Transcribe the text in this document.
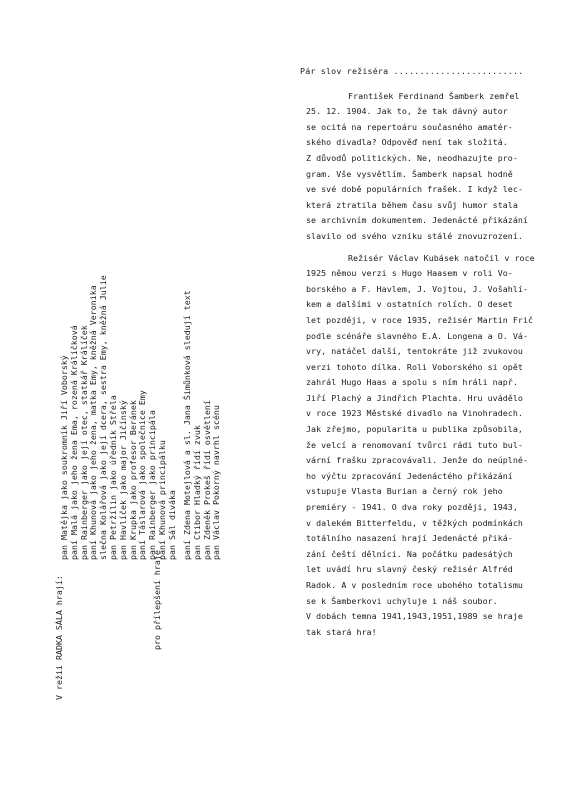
Pár slov režiséra .........................
František Ferdinand Šamberk zemřel
25. 12. 1904. Jak to, že tak dávný autor
se ocitá na repertoáru současného amatér-
ského divadla? Odpověď není tak složitá.
Z důvodů politických. Ne, neodhazujte pro-
gram. Vše vysvětlím. Šamberk napsal hodně
ve své době populárních frašek. I když lec-
která ztratila během času svůj humor stala
se archivním dokumentem. Jedenácté přikázání
slavilo od svého vzniku stálé znovuzrození.
Režisér Václav Kubásek natočil v roce
1925 němou verzi s Hugo Haasem v roli Vo-
borského a F. Havlem, J. Vojtou, J. Vošahlí-
kem a dalšími v ostatních rolích. O deset
let později, v roce 1935, režisér Martin Frič
podle scénáře slavného E.A. Longena a O. Vá-
vry, natáčel další, tentokráte již zvukovou
verzi tohoto dílka. Roli Voborského si opět
zahrál Hugo Haas a spolu s ním hráli např.
Jiří Plachý a Jindřich Plachta. Hru uvádělo
v roce 1923 Městské divadlo na Vinohradech.
Jak zřejmo, popularita u publika způsobila,
že velcí a renomovaní tvůrci rádi tuto bul-
vární frašku zpracovávali. Jenže do neúplné-
ho výčtu zpracování Jedenáctého přikázání
vstupuje Vlasta Burian a černý rok jeho
premiéry - 1941. O dva roky později, 1943,
v dalekém Bitterfeldu, v těžkých podmínkách
totálního nasazení hrají Jedenácté přiká-
zání čeští dělníci. Na počátku padesátých
let uvádí hru slavný český režisér Alfréd
Radok. A v posledním roce ubohého totalismu
se k Šamberkovi uchyluje i náš soubor.
V dobách temna 1941,1943,1951,1989 se hraje
tak stará hra!
V režii RADKA SÁLA hrají:
pan Matějka jako soukromník Jiří Voborský paní Malá jako jeho žena Ema, rozená Králíčková pan Rainberger jako její otec, statkář Králíček paní Khunová jako jeho žena, matka Emy, kněžná Veronika slečna Kolářová jako její dcera, sestra Emy, kněžná Julie pan Petržílin jako úředník Střela pan Havlíček jako major Jičínský pan Krupka jako profesor Beránek paní Táslarová jako společnice Emy pan Rainberger jako principála paní Khunová principálku pan Sál diváka
pro přílepšení hraje
paní Zdena Motejlová a sl. Jana Šimůnková sledují text pan Ctibor Hladký řídí zvuk pan Zdeněk Prokeš řídí osvětlení pan Václav Pokorný navrhl scénu
